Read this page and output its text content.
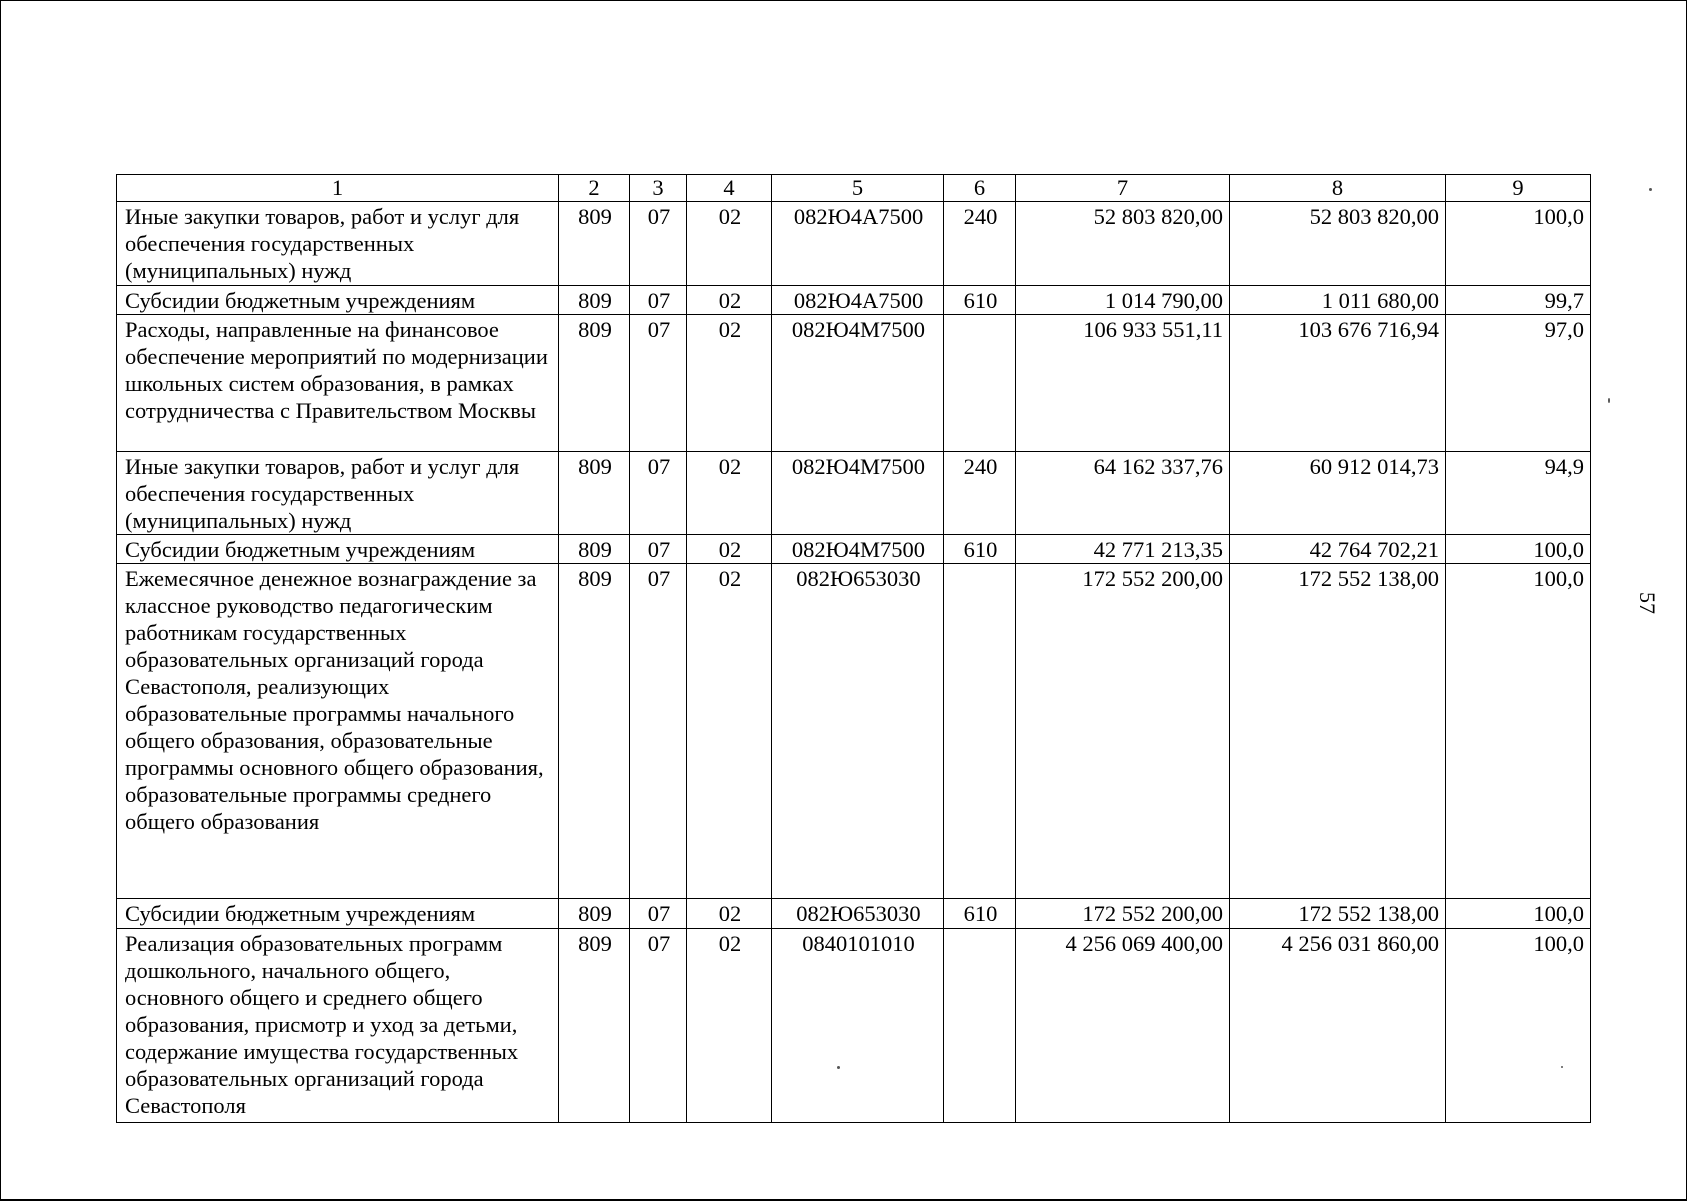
57
1	2	3	4	5	6	7	8	9
Иные закупки товаров, работ и услуг для обеспечения государственных (муниципальных) нужд	809	07	02	082Ю4А7500	240	52 803 820,00	52 803 820,00	100,0
Субсидии бюджетным учреждениям	809	07	02	082Ю4А7500	610	1 014 790,00	1 011 680,00	99,7
Расходы, направленные на финансовое обеспечение мероприятий по модернизации школьных систем образования, в рамках сотрудничества с Правительством Москвы	809	07	02	082Ю4М7500		106 933 551,11	103 676 716,94	97,0
Иные закупки товаров, работ и услуг для обеспечения государственных (муниципальных) нужд	809	07	02	082Ю4М7500	240	64 162 337,76	60 912 014,73	94,9
Субсидии бюджетным учреждениям	809	07	02	082Ю4М7500	610	42 771 213,35	42 764 702,21	100,0
Ежемесячное денежное вознаграждение за классное руководство педагогическим работникам государственных образовательных организаций города Севастополя, реализующих образовательные программы начального общего образования, образовательные программы основного общего образования, образовательные программы среднего общего образования	809	07	02	082Ю653030		172 552 200,00	172 552 138,00	100,0
Субсидии бюджетным учреждениям	809	07	02	082Ю653030	610	172 552 200,00	172 552 138,00	100,0
Реализация образовательных программ дошкольного, начального общего, основного общего и среднего общего образования, присмотр и уход за детьми, содержание имущества государственных образовательных организаций города Севастополя	809	07	02	0840101010		4 256 069 400,00	4 256 031 860,00	100,0
